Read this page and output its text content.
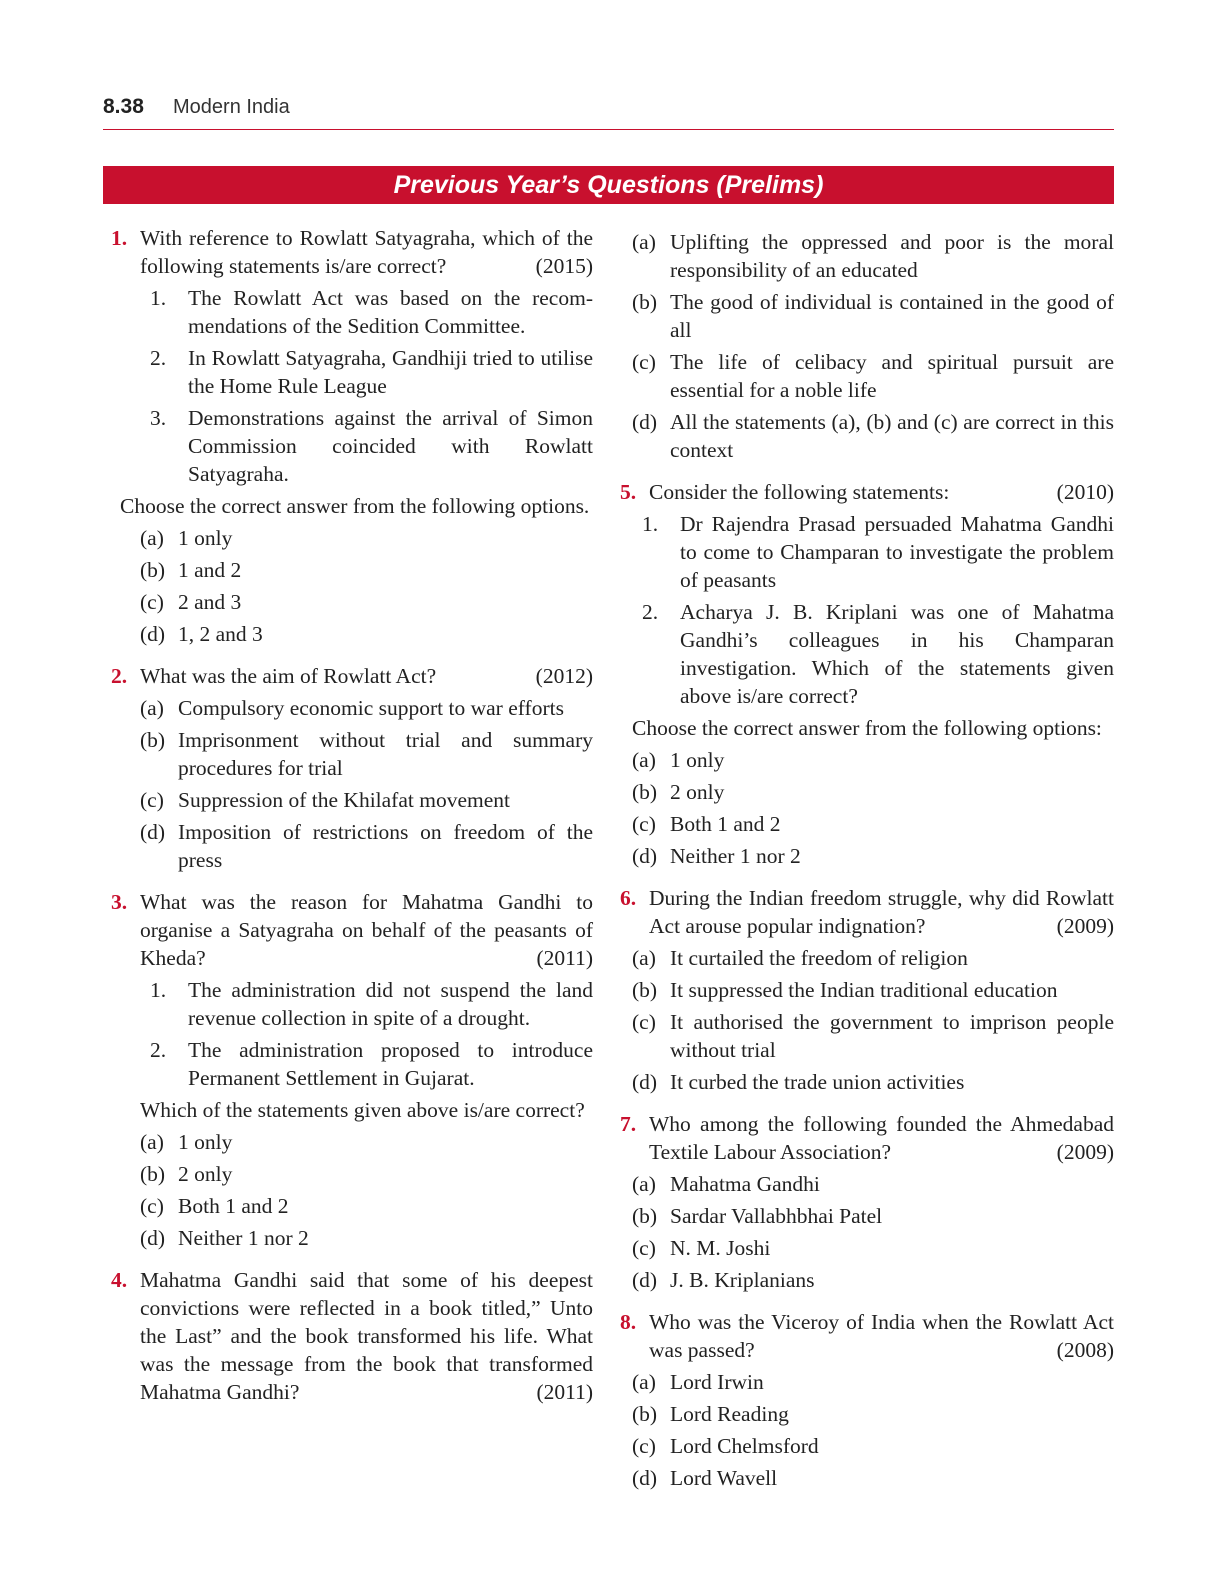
8.38 Modern India
Previous Year’s Questions (Prelims)
1. With reference to Rowlatt Satyagraha, which of the following statements is/are correct?	(2015)
1. The Rowlatt Act was based on the recommendations of the Sedition Committee.
2. In Rowlatt Satyagraha, Gandhiji tried to utilise the Home Rule League
3. Demonstrations against the arrival of Simon Commission coincided with Rowlatt Satyagraha.
Choose the correct answer from the following options.
(a) 1 only
(b) 1 and 2
(c) 2 and 3
(d) 1, 2 and 3
2. What was the aim of Rowlatt Act?	(2012)
(a) Compulsory economic support to war efforts
(b) Imprisonment without trial and summary procedures for trial
(c) Suppression of the Khilafat movement
(d) Imposition of restrictions on freedom of the press
3. What was the reason for Mahatma Gandhi to organise a Satyagraha on behalf of the peasants of Kheda?	(2011)
1. The administration did not suspend the land revenue collection in spite of a drought.
2. The administration proposed to introduce Permanent Settlement in Gujarat.
Which of the statements given above is/are correct?
(a) 1 only
(b) 2 only
(c) Both 1 and 2
(d) Neither 1 nor 2
4. Mahatma Gandhi said that some of his deepest convictions were reflected in a book titled,” Unto the Last” and the book transformed his life. What was the message from the book that transformed Mahatma Gandhi?	(2011)
(a) Uplifting the oppressed and poor is the moral responsibility of an educated
(b) The good of individual is contained in the good of all
(c) The life of celibacy and spiritual pursuit are essential for a noble life
(d) All the statements (a), (b) and (c) are correct in this context
5. Consider the following statements:	(2010)
1. Dr Rajendra Prasad persuaded Mahatma Gandhi to come to Champaran to investigate the problem of peasants
2. Acharya J. B. Kriplani was one of Mahatma Gandhi’s colleagues in his Champaran investigation. Which of the statements given above is/are correct?
Choose the correct answer from the following options:
(a) 1 only
(b) 2 only
(c) Both 1 and 2
(d) Neither 1 nor 2
6. During the Indian freedom struggle, why did Rowlatt Act arouse popular indignation?	(2009)
(a) It curtailed the freedom of religion
(b) It suppressed the Indian traditional education
(c) It authorised the government to imprison people without trial
(d) It curbed the trade union activities
7. Who among the following founded the Ahmedabad Textile Labour Association?	(2009)
(a) Mahatma Gandhi
(b) Sardar Vallabhbhai Patel
(c) N. M. Joshi
(d) J. B. Kriplanians
8. Who was the Viceroy of India when the Rowlatt Act was passed?	(2008)
(a) Lord Irwin
(b) Lord Reading
(c) Lord Chelmsford
(d) Lord Wavell
